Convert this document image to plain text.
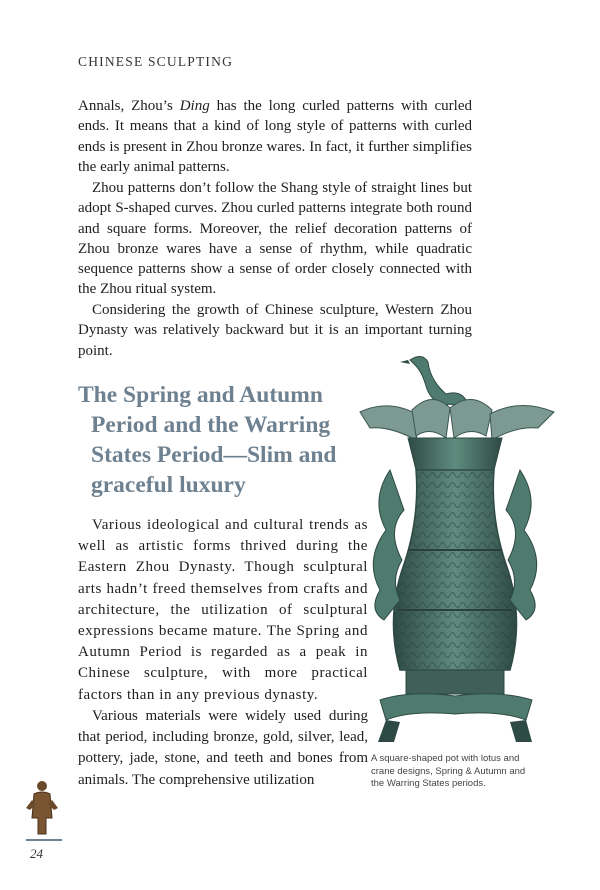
CHINESE SCULPTING

Annals, Zhou’s Ding has the long curled patterns with curled ends. It means that a kind of long style of patterns with curled ends is present in Zhou bronze wares. In fact, it further simplifies the early animal patterns.

Zhou patterns don’t follow the Shang style of straight lines but adopt S-shaped curves. Zhou curled patterns integrate both round and square forms. Moreover, the relief decoration patterns of Zhou bronze wares have a sense of rhythm, while quadratic sequence patterns show a sense of order closely connected with the Zhou ritual system.

Considering the growth of Chinese sculpture, Western Zhou Dynasty was relatively backward but it is an important turning point.

The Spring and Autumn Period and the Warring States Period—Slim and graceful luxury

Various ideological and cultural trends as well as artistic forms thrived during the Eastern Zhou Dynasty. Though sculptural arts hadn’t freed themselves from crafts and architecture, the utilization of sculptural expressions became mature. The Spring and Autumn Period is regarded as a peak in Chinese sculpture, with more practical factors than in any previous dynasty.

Various materials were widely used during that period, including bronze, gold, silver, lead, pottery, jade, stone, and teeth and bones from animals. The comprehensive utilization

A square-shaped pot with lotus and crane designs, Spring & Autumn and the Warring States periods.
24
